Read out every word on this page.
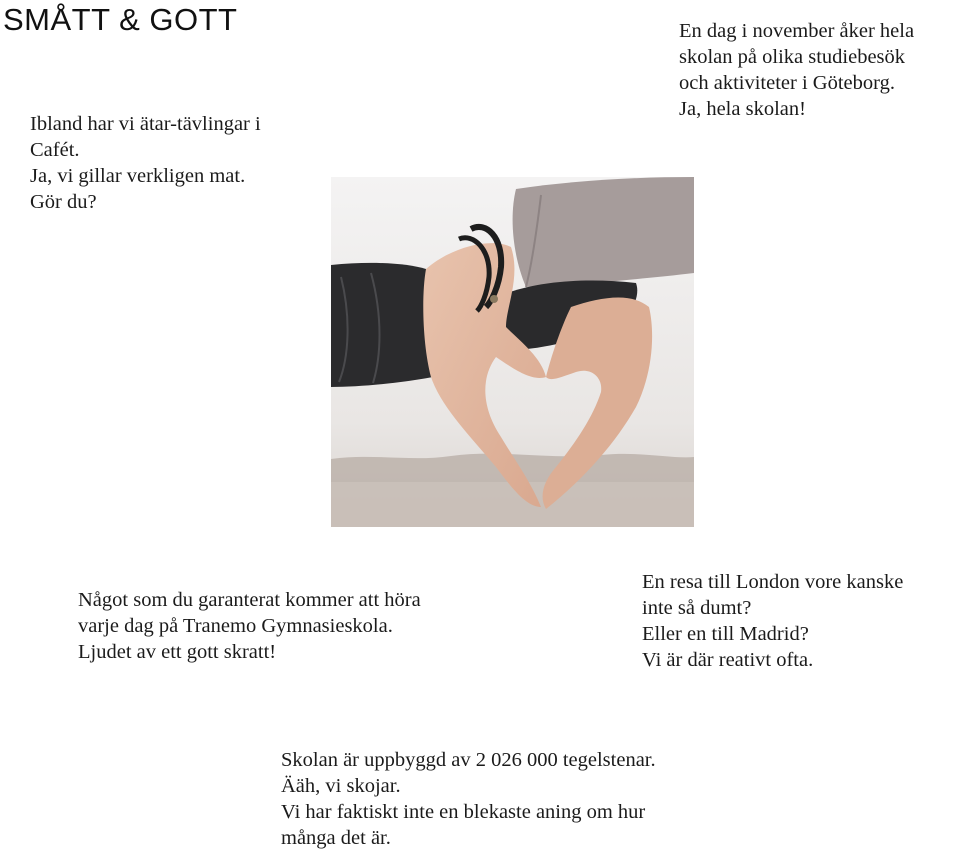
SMÅTT & GOTT
Ibland har vi ätar-tävlingar i
Cafét.
Ja, vi gillar verkligen mat.
Gör du?
En dag i november åker hela
skolan på olika studiebesök
och aktiviteter i Göteborg.
Ja, hela skolan!
Något som du garanterat kommer att höra
varje dag på Tranemo Gymnasieskola.
Ljudet av ett gott skratt!
En resa till London vore kanske
inte så dumt?
Eller en till Madrid?
Vi är där reativt ofta.
Skolan är uppbyggd av 2 026 000 tegelstenar.
Ääh, vi skojar.
Vi har faktiskt inte en blekaste aning om hur
många det är.
